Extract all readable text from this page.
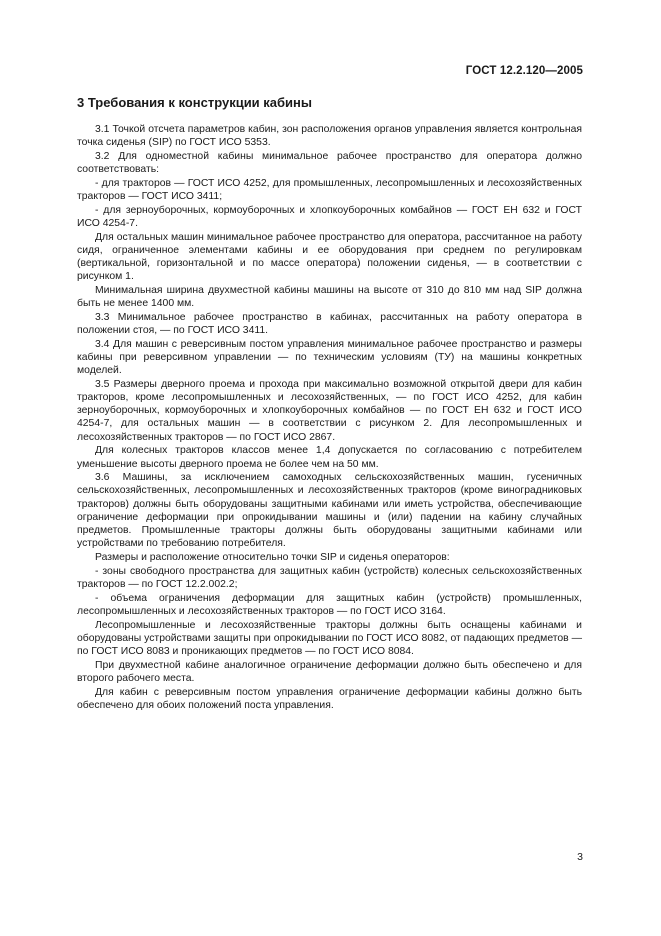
ГОСТ 12.2.120—2005
3 Требования к конструкции кабины

3.1 Точкой отсчета параметров кабин, зон расположения органов управления является контрольная точка сиденья (SIP) по ГОСТ ИСО 5353.

3.2 Для одноместной кабины минимальное рабочее пространство для оператора должно соответствовать:

- для тракторов — ГОСТ ИСО 4252, для промышленных, лесопромышленных и лесохозяйственных тракторов — ГОСТ ИСО 3411;

- для зерноуборочных, кормоуборочных и хлопкоуборочных комбайнов — ГОСТ ЕН 632 и ГОСТ ИСО 4254-7.

Для остальных машин минимальное рабочее пространство для оператора, рассчитанное на работу сидя, ограниченное элементами кабины и ее оборудования при среднем по регулировкам (вертикальной, горизонтальной и по массе оператора) положении сиденья, — в соответствии с рисунком 1.

Минимальная ширина двухместной кабины машины на высоте от 310 до 810 мм над SIP должна быть не менее 1400 мм.

3.3 Минимальное рабочее пространство в кабинах, рассчитанных на работу оператора в положении стоя, — по ГОСТ ИСО 3411.

3.4 Для машин с реверсивным постом управления минимальное рабочее пространство и размеры кабины при реверсивном управлении — по техническим условиям (ТУ) на машины конкретных моделей.

3.5 Размеры дверного проема и прохода при максимально возможной открытой двери для кабин тракторов, кроме лесопромышленных и лесохозяйственных, — по ГОСТ ИСО 4252, для кабин зерноуборочных, кормоуборочных и хлопкоуборочных комбайнов — по ГОСТ ЕН 632 и ГОСТ ИСО 4254-7, для остальных машин — в соответствии с рисунком 2. Для лесопромышленных и лесохозяйственных тракторов — по ГОСТ ИСО 2867.

Для колесных тракторов классов менее 1,4 допускается по согласованию с потребителем уменьшение высоты дверного проема не более чем на 50 мм.

3.6 Машины, за исключением самоходных сельскохозяйственных машин, гусеничных сельскохозяйственных, лесопромышленных и лесохозяйственных тракторов (кроме виноградниковых тракторов) должны быть оборудованы защитными кабинами или иметь устройства, обеспечивающие ограничение деформации при опрокидывании машины и (или) падении на кабину случайных предметов. Промышленные тракторы должны быть оборудованы защитными кабинами или устройствами по требованию потребителя.

Размеры и расположение относительно точки SIP и сиденья операторов:

- зоны свободного пространства для защитных кабин (устройств) колесных сельскохозяйственных тракторов — по ГОСТ 12.2.002.2;

- объема ограничения деформации для защитных кабин (устройств) промышленных, лесопромышленных и лесохозяйственных тракторов — по ГОСТ ИСО 3164.

Лесопромышленные и лесохозяйственные тракторы должны быть оснащены кабинами и оборудованы устройствами защиты при опрокидывании по ГОСТ ИСО 8082, от падающих предметов — по ГОСТ ИСО 8083 и проникающих предметов — по ГОСТ ИСО 8084.

При двухместной кабине аналогичное ограничение деформации должно быть обеспечено и для второго рабочего места.

Для кабин с реверсивным постом управления ограничение деформации кабины должно быть обеспечено для обоих положений поста управления.

3
